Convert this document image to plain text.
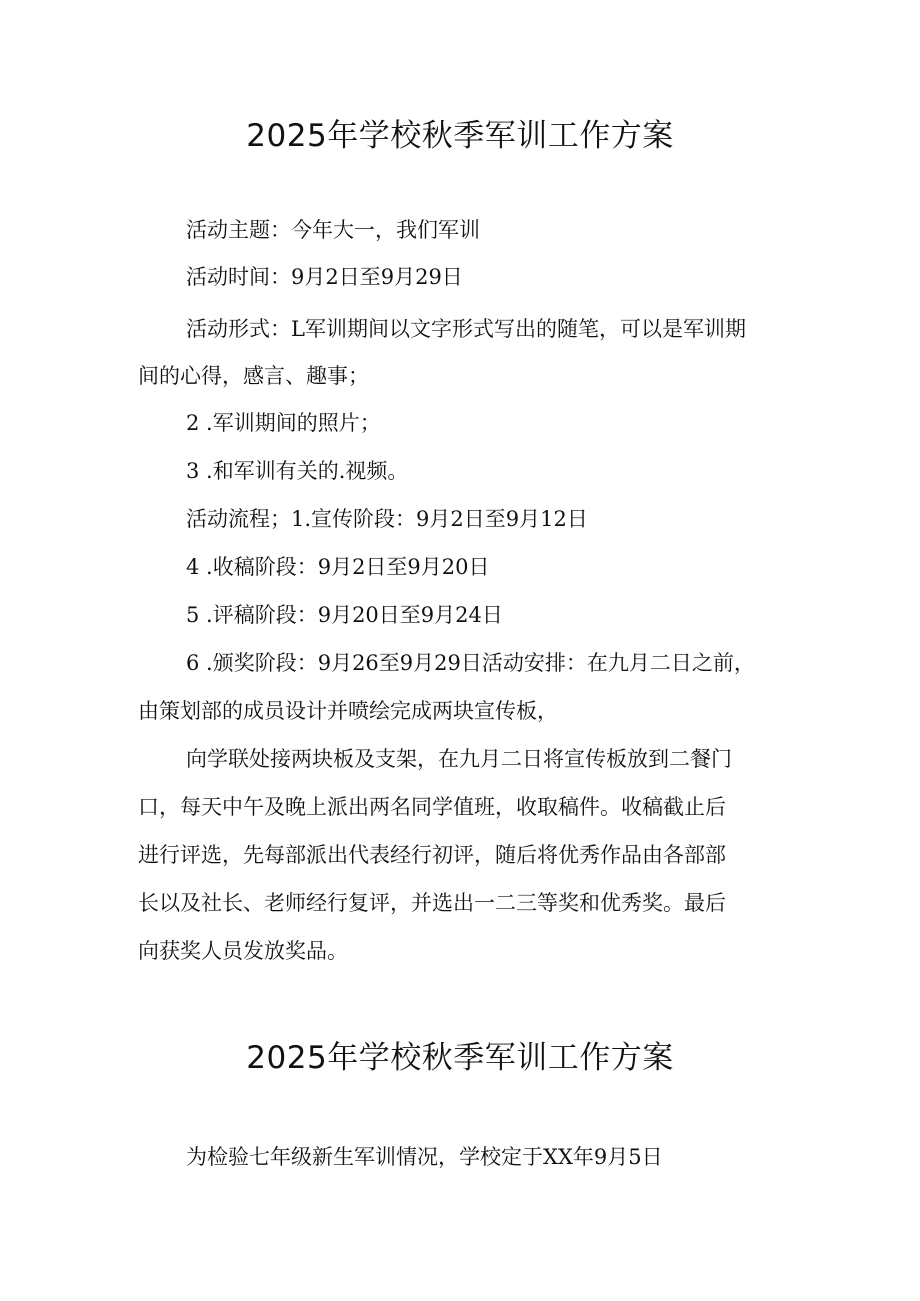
2025年学校秋季军训工作方案

活动主题：今年大一，我们军训

活动时间：9月2日至9月29日

活动形式：L军训期间以文字形式写出的随笔，可以是军训期

间的心得，感言、趣事；

2 .军训期间的照片；

3 .和军训有关的.视频。

活动流程；1.宣传阶段：9月2日至9月12日

4 .收稿阶段：9月2日至9月20日

5 .评稿阶段：9月20日至9月24日

6 .颁奖阶段：9月26至9月29日活动安排：在九月二日之前，

由策划部的成员设计并喷绘完成两块宣传板，

向学联处接两块板及支架，在九月二日将宣传板放到二餐门

口，每天中午及晚上派出两名同学值班，收取稿件。收稿截止后

进行评选，先每部派出代表经行初评，随后将优秀作品由各部部

长以及社长、老师经行复评，并选出一二三等奖和优秀奖。最后

向获奖人员发放奖品。

2025年学校秋季军训工作方案

为检验七年级新生军训情况，学校定于XX年9月5日
